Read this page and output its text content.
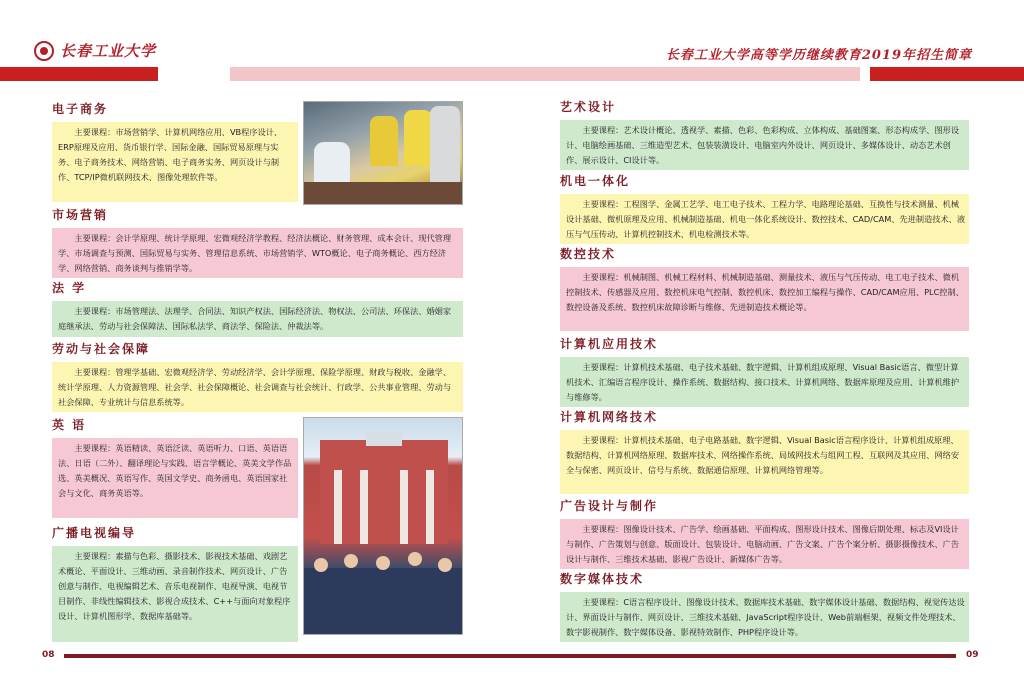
长春工业大学	长春工业大学高等学历继续教育2019年招生简章
电子商务
主要课程：市场营销学、计算机网络应用、VB程序设计、ERP原理及应用、货币银行学、国际金融、国际贸易原理与实务、电子商务技术、网络营销、电子商务实务、网页设计与制作、TCP/IP微机联网技术、图像处理软件等。
市场营销
主要课程：会计学原理、统计学原理、宏微观经济学教程、经济法概论、财务管理、成本会计、现代管理学、市场调查与预测、国际贸易与实务、管理信息系统、市场营销学、WTO概论、电子商务概论、西方经济学、网络营销、商务谈判与推销学等。
法 学
主要课程：市场管理法、法理学、合同法、知识产权法、国际经济法、物权法、公司法、环保法、婚姻家庭继承法、劳动与社会保障法、国际私法学、商法学、保险法、仲裁法等。
劳动与社会保障
主要课程：管理学基础、宏微观经济学、劳动经济学、会计学原理、保险学原理、财政与税收、金融学、统计学原理、人力资源管理、社会学、社会保障概论、社会调查与社会统计、行政学、公共事业管理、劳动与社会保障、专业统计与信息系统等。
英 语
主要课程：英语精读、英语泛读、英语听力、口语、英语语法、日语（二外）、翻译理论与实践、语言学概论、英美文学作品选、英美概况、英语写作、英国文学史、商务函电、英语国家社会与文化、商务英语等。
广播电视编导
主要课程：素描与色彩、摄影技术、影视技术基础、戏剧艺术概论、平面设计、三维动画、录音制作技术、网页设计、广告创意与制作、电视编辑艺术、音乐电视制作、电视导演、电视节目制作、非线性编辑技术、影视合成技术、C++与面向对象程序设计、计算机图形学、数据库基础等。
艺术设计
主要课程：艺术设计概论、透视学、素描、色彩、色彩构成、立体构成、基础图案、形态构成学、图形设计、电脑绘画基础、三维造型艺术、包装装潢设计、电脑室内外设计、网页设计、多媒体设计、动态艺术创作、展示设计、CI设计等。
机电一体化
主要课程：工程图学、金属工艺学、电工电子技术、工程力学、电路理论基础、互换性与技术测量、机械设计基础、微机原理及应用、机械制造基础、机电一体化系统设计、数控技术、CAD/CAM、先进制造技术、液压与气压传动、计算机控制技术、机电检测技术等。
数控技术
主要课程：机械制图、机械工程材料、机械制造基础、测量技术、液压与气压传动、电工电子技术、微机控制技术、传感器及应用、数控机床电气控制、数控机床、数控加工编程与操作、CAD/CAM应用、PLC控制、数控设备及系统、数控机床故障诊断与维修、先进制造技术概论等。
计算机应用技术
主要课程：计算机技术基础、电子技术基础、数字逻辑、计算机组成原理、Visual Basic语言、微型计算机技术、汇编语言程序设计、操作系统、数据结构、接口技术、计算机网络、数据库原理及应用、计算机维护与维修等。
计算机网络技术
主要课程：计算机技术基础、电子电路基础、数字逻辑、Visual Basic语言程序设计、计算机组成原理、数据结构、计算机网络原理、数据库技术、网络操作系统、局域网技术与组网工程、互联网及其应用、网络安全与保密、网页设计、信号与系统、数据通信原理、计算机网络管理等。
广告设计与制作
主要课程：图像设计技术、广告学、绘画基础、平面构成、图形设计技术、图像后期处理、标志及VI设计与制作、广告策划与创意、版面设计、包装设计、电脑动画、广告文案、广告个案分析、摄影摄像技术、广告设计与制作、三维技术基础、影视广告设计、新媒体广告等。
数字媒体技术
主要课程：C语言程序设计、图像设计技术、数据库技术基础、数字媒体设计基础、数据结构、视觉传达设计、界面设计与制作、网页设计、三维技术基础、JavaScript程序设计、Web前端框架、视频文件处理技术、数字影视制作、数字媒体设备、影视特效制作、PHP程序设计等。
08	09
